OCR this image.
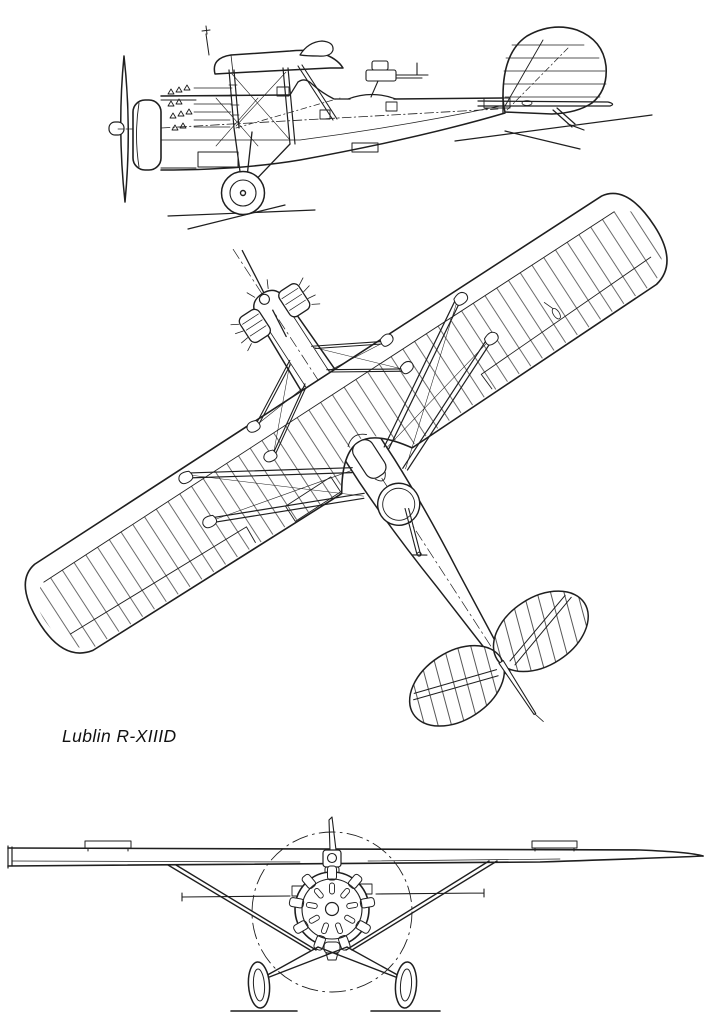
Lublin R-XIIID
